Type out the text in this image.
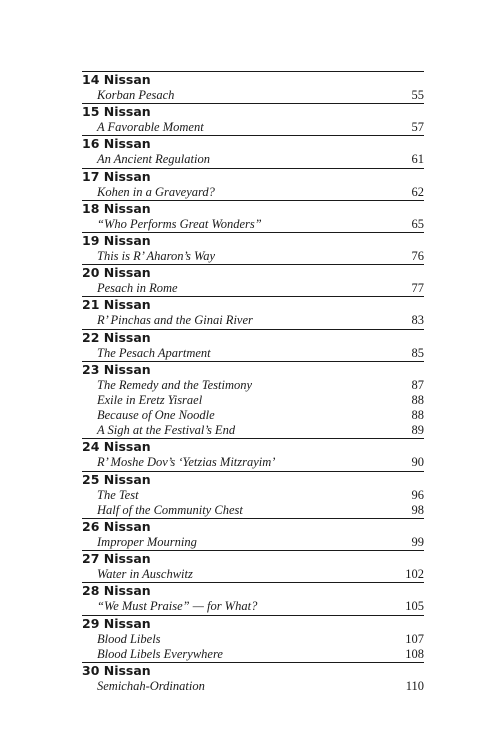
14 Nissan
Korban Pesach	55
15 Nissan
A Favorable Moment	57
16 Nissan
An Ancient Regulation	61
17 Nissan
Kohen in a Graveyard?	62
18 Nissan
“Who Performs Great Wonders”	65
19 Nissan
This is R’ Aharon’s Way	76
20 Nissan
Pesach in Rome	77
21 Nissan
R’ Pinchas and the Ginai River	83
22 Nissan
The Pesach Apartment	85
23 Nissan
The Remedy and the Testimony	87
Exile in Eretz Yisrael	88
Because of One Noodle	88
A Sigh at the Festival’s End	89
24 Nissan
R’ Moshe Dov’s ‘Yetzias Mitzrayim’	90
25 Nissan
The Test	96
Half of the Community Chest	98
26 Nissan
Improper Mourning	99
27 Nissan
Water in Auschwitz	102
28 Nissan
“We Must Praise” — for What?	105
29 Nissan
Blood Libels	107
Blood Libels Everywhere	108
30 Nissan
Semichah-Ordination	110
